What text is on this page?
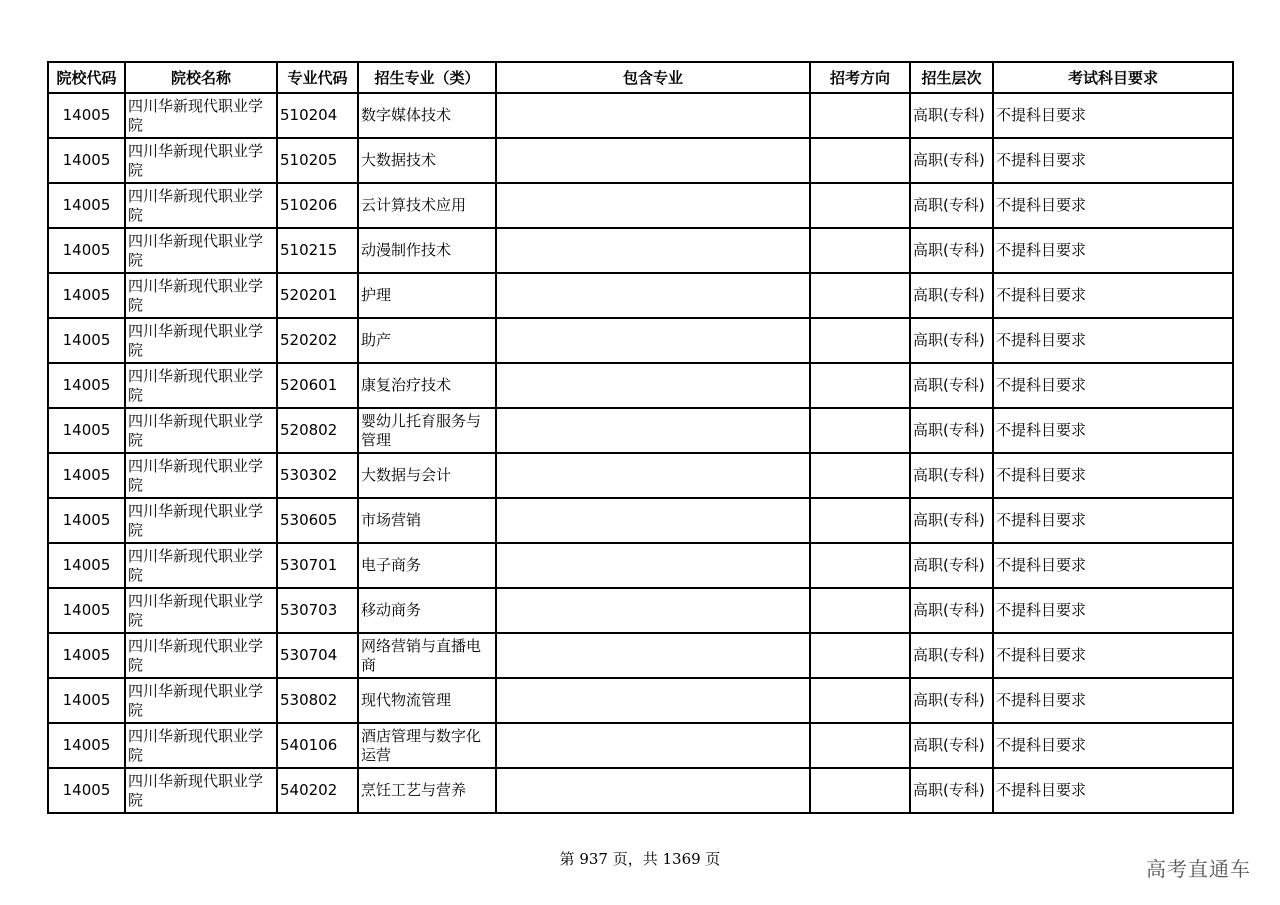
院校代码	院校名称	专业代码	招生专业（类）	包含专业	招考方向	招生层次	考试科目要求
14005	四川华新现代职业学院	510204	数字媒体技术			高职(专科)	不提科目要求
14005	四川华新现代职业学院	510205	大数据技术			高职(专科)	不提科目要求
14005	四川华新现代职业学院	510206	云计算技术应用			高职(专科)	不提科目要求
14005	四川华新现代职业学院	510215	动漫制作技术			高职(专科)	不提科目要求
14005	四川华新现代职业学院	520201	护理			高职(专科)	不提科目要求
14005	四川华新现代职业学院	520202	助产			高职(专科)	不提科目要求
14005	四川华新现代职业学院	520601	康复治疗技术			高职(专科)	不提科目要求
14005	四川华新现代职业学院	520802	婴幼儿托育服务与管理			高职(专科)	不提科目要求
14005	四川华新现代职业学院	530302	大数据与会计			高职(专科)	不提科目要求
14005	四川华新现代职业学院	530605	市场营销			高职(专科)	不提科目要求
14005	四川华新现代职业学院	530701	电子商务			高职(专科)	不提科目要求
14005	四川华新现代职业学院	530703	移动商务			高职(专科)	不提科目要求
14005	四川华新现代职业学院	530704	网络营销与直播电商			高职(专科)	不提科目要求
14005	四川华新现代职业学院	530802	现代物流管理			高职(专科)	不提科目要求
14005	四川华新现代职业学院	540106	酒店管理与数字化运营			高职(专科)	不提科目要求
14005	四川华新现代职业学院	540202	烹饪工艺与营养			高职(专科)	不提科目要求
第 937 页，共 1369 页	高考直通车
